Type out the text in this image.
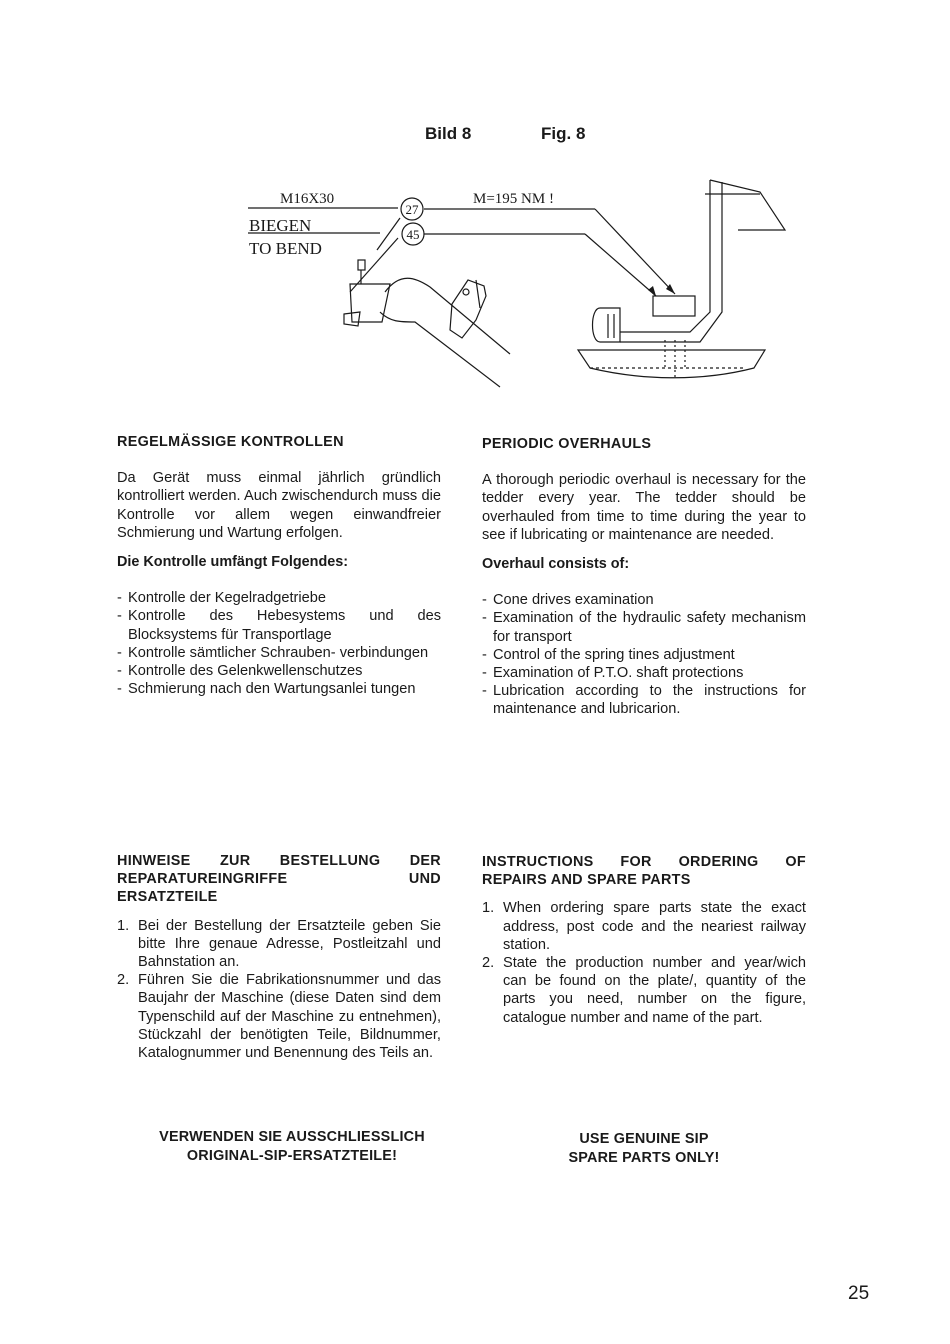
Bild 8	Fig. 8
M16X30	M=195 NM !
BIEGEN
TO BEND
27
45
REGELMÄSSIGE KONTROLLEN
Da Gerät muss einmal jährlich gründlich kontrolliert werden. Auch zwischendurch muss die Kontrolle vor allem wegen einwandfreier Schmierung und Wartung erfolgen.
Die Kontrolle umfängt Folgendes:
- Kontrolle der Kegelradgetriebe
- Kontrolle des Hebesystems und des Blocksystems für Transportlage
- Kontrolle sämtlicher Schrauben- verbindungen
- Kontrolle des Gelenkwellenschutzes
- Schmierung nach den Wartungsanlei tungen
PERIODIC OVERHAULS
A thorough periodic overhaul is necessary for the tedder every year. The tedder should be overhauled from time to time during the year to see if lubricating or maintenance are needed.
Overhaul consists of:
- Cone drives examination
- Examination of the hydraulic safety mechanism for transport
- Control of the spring tines adjustment
- Examination of P.T.O. shaft protections
- Lubrication according to the instructions for maintenance and lubricarion.
HINWEISE ZUR BESTELLUNG DER
REPARATUREINGRIFFE UND
ERSATZTEILE
1. Bei der Bestellung der Ersatzteile geben Sie bitte Ihre genaue Adresse, Postleitzahl und Bahnstation an.
2. Führen Sie die Fabrikationsnummer und das Baujahr der Maschine (diese Daten sind dem Typenschild auf der Maschine zu entnehmen), Stückzahl der benötigten Teile, Bildnummer, Katalognummer und Benennung des Teils an.
INSTRUCTIONS FOR ORDERING OF
REPAIRS AND SPARE PARTS
1. When ordering spare parts state the exact address, post code and the neariest railway station.
2. State the production number and year/wich can be found on the plate/, quantity of the parts you need, number on the figure, catalogue number and name of the part.
VERWENDEN SIE AUSSCHLIESSLICH
ORIGINAL-SIP-ERSATZTEILE!
USE GENUINE SIP
SPARE PARTS ONLY!
25
